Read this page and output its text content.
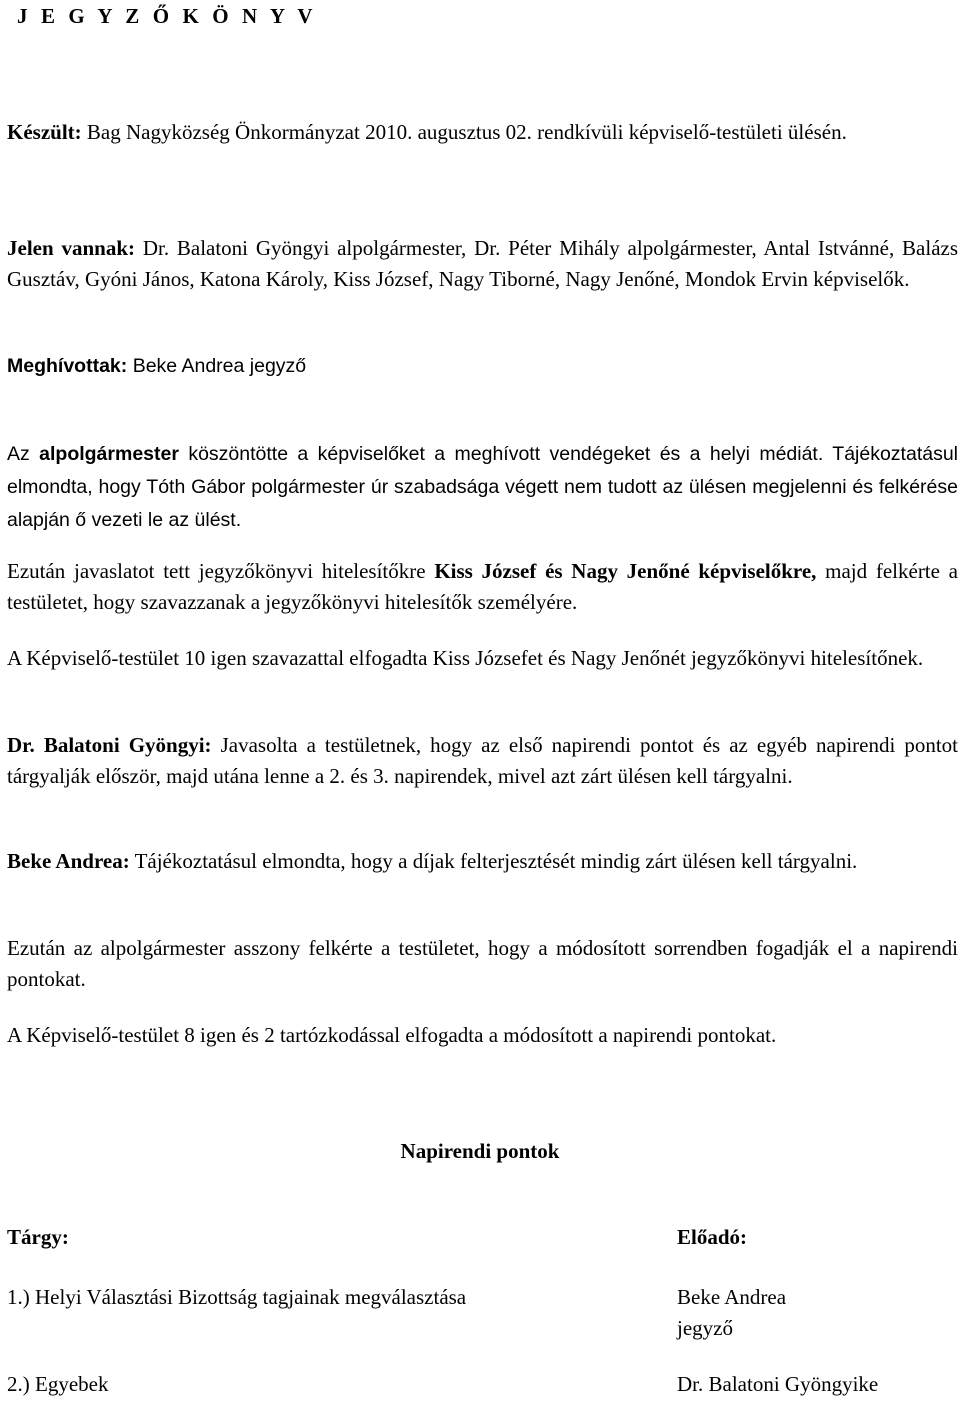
J E G Y Z Ő K Ö N Y V

Készült: Bag Nagyközség Önkormányzat 2010. augusztus 02. rendkívüli képviselő-testületi ülésén.

Jelen vannak: Dr. Balatoni Gyöngyi alpolgármester, Dr. Péter Mihály alpolgármester, Antal Istvánné, Balázs Gusztáv, Gyóni János, Katona Károly, Kiss József, Nagy Tiborné, Nagy Jenőné, Mondok Ervin képviselők.

Meghívottak: Beke Andrea jegyző

Az alpolgármester köszöntötte a képviselőket a meghívott vendégeket és a helyi médiát. Tájékoztatásul elmondta, hogy Tóth Gábor polgármester úr szabadsága végett nem tudott az ülésen megjelenni és felkérése alapján ő vezeti le az ülést.

Ezután javaslatot tett jegyzőkönyvi hitelesítőkre Kiss József és Nagy Jenőné képviselőkre, majd felkérte a testületet, hogy szavazzanak a jegyzőkönyvi hitelesítők személyére.

A Képviselő-testület 10 igen szavazattal elfogadta Kiss Józsefet és Nagy Jenőnét jegyzőkönyvi hitelesítőnek.

Dr. Balatoni Gyöngyi: Javasolta a testületnek, hogy az első napirendi pontot és az egyéb napirendi pontot tárgyalják először, majd utána lenne a 2. és 3. napirendek, mivel azt zárt ülésen kell tárgyalni.

Beke Andrea: Tájékoztatásul elmondta, hogy a díjak felterjesztését mindig zárt ülésen kell tárgyalni.

Ezután az alpolgármester asszony felkérte a testületet, hogy a módosított sorrendben fogadják el a napirendi pontokat.

A Képviselő-testület 8 igen és 2 tartózkodással elfogadta a módosított a napirendi pontokat.

Napirendi pontok

Tárgy:	Előadó:

1.) Helyi Választási Bizottság tagjainak megválasztása	Beke Andrea

jegyző

2.) Egyebek	Dr. Balatoni Gyöngyike
